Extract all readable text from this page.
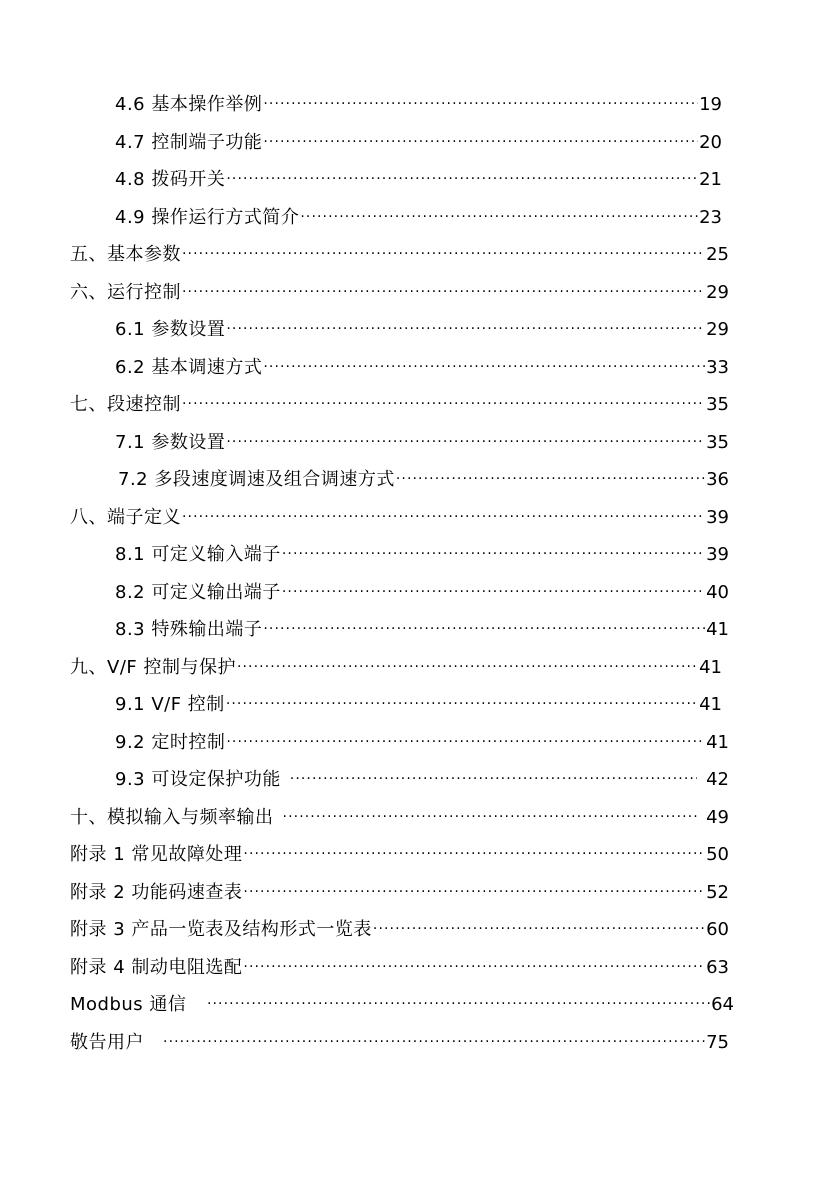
4.6 基本操作举例 ·····	19
4.7 控制端子功能 ·····	20
4.8 拨码开关 ·····	21
4.9 操作运行方式简介 ·····	23
五、基本参数 ·····	25
六、运行控制 ·····	29
6.1 参数设置 ·····	29
6.2 基本调速方式 ·····	33
七、段速控制 ·····	35
7.1 参数设置 ·····	35
7.2 多段速度调速及组合调速方式 ·····	36
八、端子定义 ·····	39
8.1 可定义输入端子 ·····	39
8.2 可定义输出端子 ·····	40
8.3 特殊输出端子 ·····	41
九、V/F 控制与保护 ·····	41
9.1 V/F 控制 ·····	41
9.2 定时控制 ·····	41
9.3 可设定保护功能 ·····	42
十、模拟输入与频率输出 ·····	49
附录 1 常见故障处理 ·····	50
附录 2 功能码速查表 ·····	52
附录 3 产品一览表及结构形式一览表 ·····	60
附录 4 制动电阻选配 ·····	63
Modbus 通信 ·····	64
敬告用户 ·····	75
